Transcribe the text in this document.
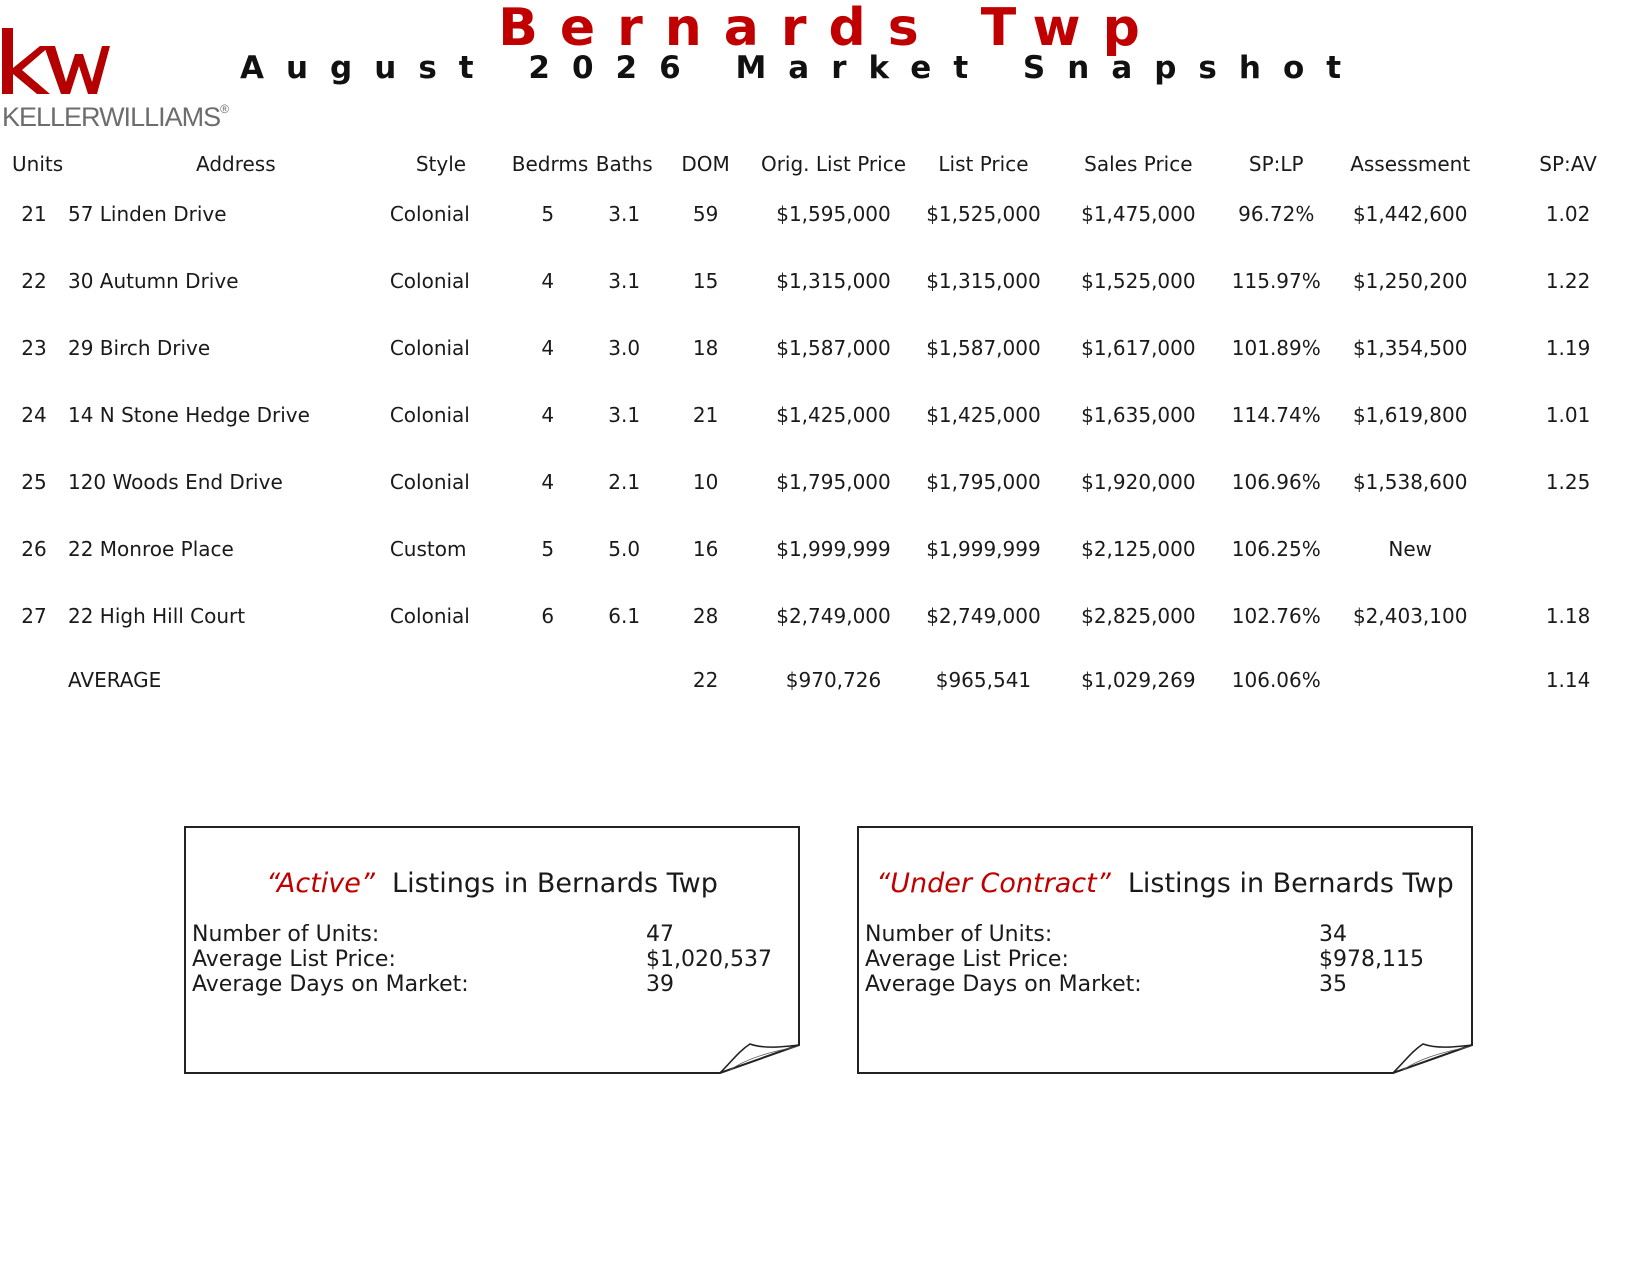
KELLERWILLIAMS®
Bernards Twp
August 2026 Market Snapshot
Units	Address	Style	Bedrms	Baths	DOM	Orig. List Price	List Price	Sales Price	SP:LP	Assessment	SP:AV
21	57 Linden Drive	Colonial	5	3.1	59	$1,595,000	$1,525,000	$1,475,000	96.72%	$1,442,600	1.02
22	30 Autumn Drive	Colonial	4	3.1	15	$1,315,000	$1,315,000	$1,525,000	115.97%	$1,250,200	1.22
23	29 Birch Drive	Colonial	4	3.0	18	$1,587,000	$1,587,000	$1,617,000	101.89%	$1,354,500	1.19
24	14 N Stone Hedge Drive	Colonial	4	3.1	21	$1,425,000	$1,425,000	$1,635,000	114.74%	$1,619,800	1.01
25	120 Woods End Drive	Colonial	4	2.1	10	$1,795,000	$1,795,000	$1,920,000	106.96%	$1,538,600	1.25
26	22 Monroe Place	Custom	5	5.0	16	$1,999,999	$1,999,999	$2,125,000	106.25%	New	
27	22 High Hill Court	Colonial	6	6.1	28	$2,749,000	$2,749,000	$2,825,000	102.76%	$2,403,100	1.18
	AVERAGE				22	$970,726	$965,541	$1,029,269	106.06%		1.14
“Active” Listings in Bernards Twp
Number of Units:	47
Average List Price:	$1,020,537
Average Days on Market:	39
“Under Contract” Listings in Bernards Twp
Number of Units:	34
Average List Price:	$978,115
Average Days on Market:	35
